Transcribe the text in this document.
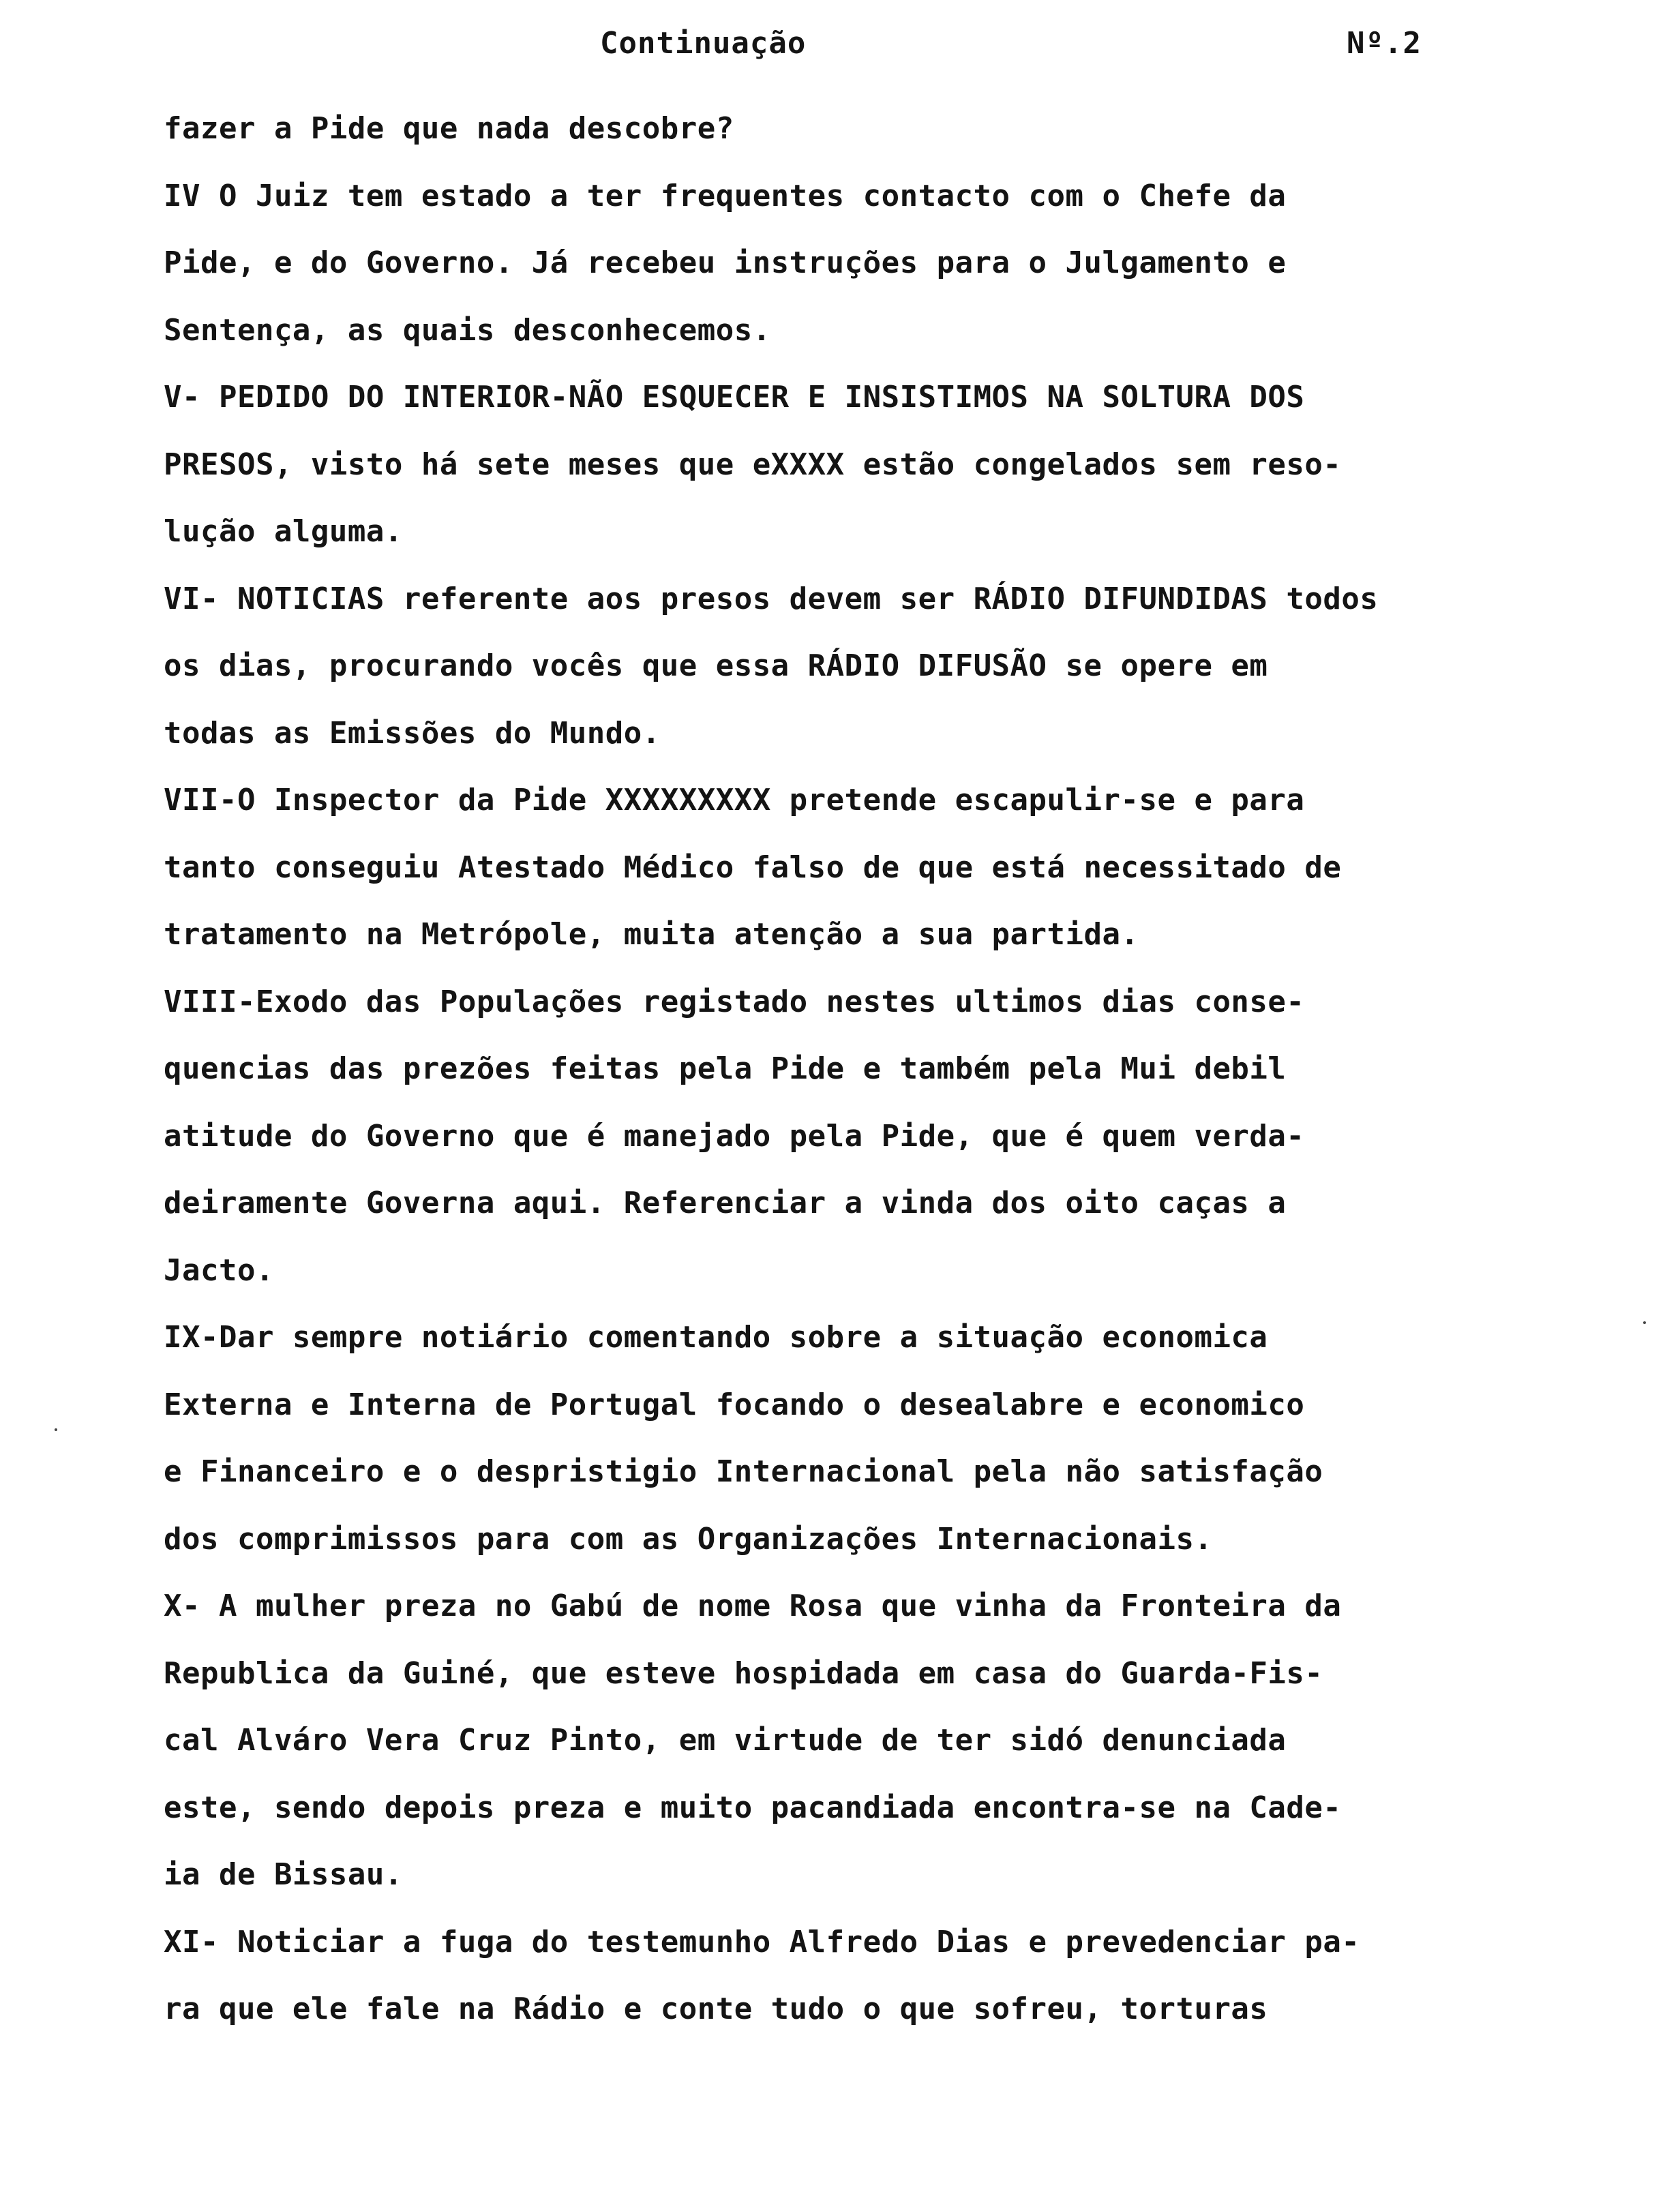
Continuação	Nº.2
fazer a Pide que nada descobre?
IV O Juiz tem estado a ter frequentes contacto com o Chefe da
Pide, e do Governo. Já recebeu instruções para o Julgamento e
Sentença, as quais desconhecemos.
V- PEDIDO DO INTERIOR-NÃO ESQUECER E INSISTIMOS NA SOLTURA DOS
PRESOS, visto há sete meses que eXXXX estão congelados sem reso-
lução alguma.
VI- NOTICIAS referente aos presos devem ser RÁDIO DIFUNDIDAS todos
os dias, procurando vocês que essa RÁDIO DIFUSÃO se opere em
todas as Emissões do Mundo.
VII-O Inspector da Pide XXXXXXXXX pretende escapulir-se e para
tanto conseguiu Atestado Médico falso de que está necessitado de
tratamento na Metrópole, muita atenção a sua partida.
VIII-Exodo das Populações registado nestes ultimos dias conse-
quencias das prezões feitas pela Pide e também pela Mui debil
atitude do Governo que é manejado pela Pide, que é quem verda-
deiramente Governa aqui. Referenciar a vinda dos oito caças a
Jacto.
IX-Dar sempre notiário comentando sobre a situação economica
Externa e Interna de Portugal focando o desealabre e economico
e Financeiro e o despristigio Internacional pela não satisfação
dos comprimissos para com as Organizações Internacionais.
X- A mulher preza no Gabú de nome Rosa que vinha da Fronteira da
Republica da Guiné, que esteve hospidada em casa do Guarda-Fis-
cal Alváro Vera Cruz Pinto, em virtude de ter sidó denunciada
este, sendo depois preza e muito pacandiada encontra-se na Cade-
ia de Bissau.
XI- Noticiar a fuga do testemunho Alfredo Dias e prevedenciar pa-
ra que ele fale na Rádio e conte tudo o que sofreu, torturas
